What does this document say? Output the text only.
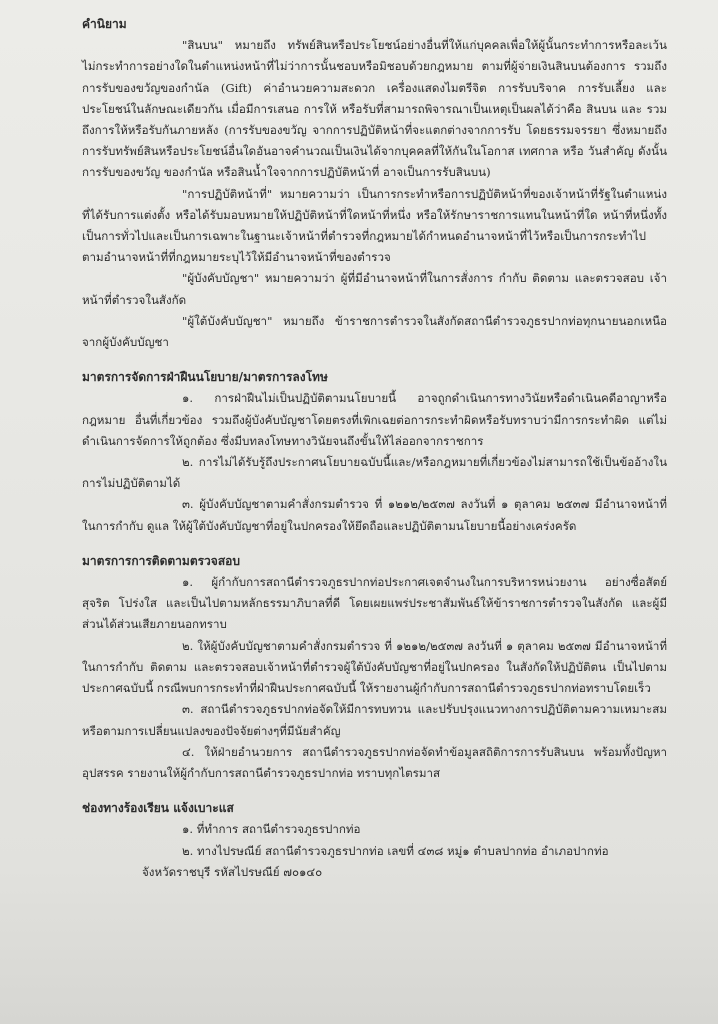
คำนิยาม

"สินบน" หมายถึง ทรัพย์สินหรือประโยชน์อย่างอื่นที่ให้แก่บุคคลเพื่อให้ผู้นั้นกระทำการหรือละเว้น ไม่กระทำการอย่างใดในตำแหน่งหน้าที่ไม่ว่าการนั้นชอบหรือมิชอบด้วยกฎหมาย ตามที่ผู้จ่ายเงินสินบนต้องการ รวมถึงการรับของขวัญของกำนัล (Gift) ค่าอำนวยความสะดวก เครื่องแสดงไมตรีจิต การรับบริจาค การรับเลี้ยง และ ประโยชน์ในลักษณะเดียวกัน เมื่อมีการเสนอ การให้ หรือรับที่สามารถพิจารณาเป็นเหตุเป็นผลได้ว่าคือ สินบน และ รวมถึงการให้หรือรับกันภายหลัง (การรับของขวัญ จากการปฏิบัติหน้าที่จะแตกต่างจากการรับ โดยธรรมจรรยา ซึ่งหมายถึงการรับทรัพย์สินหรือประโยชน์อื่นใดอันอาจคำนวณเป็นเงินได้จากบุคคลที่ให้กันในโอกาส เทศกาล หรือ วันสำคัญ ดังนั้น การรับของขวัญ ของกำนัล หรือสินน้ำใจจากการปฏิบัติหน้าที่ อาจเป็นการรับสินบน)

"การปฏิบัติหน้าที่" หมายความว่า เป็นการกระทำหรือการปฏิบัติหน้าที่ของเจ้าหน้าที่รัฐในตำแหน่ง ที่ได้รับการแต่งตั้ง หรือได้รับมอบหมายให้ปฏิบัติหน้าที่ใดหน้าที่หนึ่ง หรือให้รักษาราชการแทนในหน้าที่ใด หน้าที่หนึ่งทั้งเป็นการทั่วไปและเป็นการเฉพาะในฐานะเจ้าหน้าที่ตำรวจที่กฎหมายได้กำหนดอำนาจหน้าที่ไว้หรือเป็นการกระทำไปตามอำนาจหน้าที่ที่กฎหมายระบุไว้ให้มีอำนาจหน้าที่ของตำรวจ

"ผู้บังคับบัญชา" หมายความว่า ผู้ที่มีอำนาจหน้าที่ในการสั่งการ กำกับ ติดตาม และตรวจสอบ เจ้าหน้าที่ตำรวจในสังกัด

"ผู้ใต้บังคับบัญชา" หมายถึง ข้าราชการตำรวจในสังกัดสถานีตำรวจภูธรปากท่อทุกนายนอกเหนือจากผู้บังคับบัญชา

มาตรการจัดการฝ่าฝืนนโยบาย/มาตรการลงโทษ

๑. การฝ่าฝืนไม่เป็นปฏิบัติตามนโยบายนี้ อาจถูกดำเนินการทางวินัยหรือดำเนินคดีอาญาหรือกฎหมาย อื่นที่เกี่ยวข้อง รวมถึงผู้บังคับบัญชาโดยตรงที่เพิกเฉยต่อการกระทำผิดหรือรับทราบว่ามีการกระทำผิด แต่ไม่ดำเนินการจัดการให้ถูกต้อง ซึ่งมีบทลงโทษทางวินัยจนถึงขั้นให้ไล่ออกจากราชการ

๒. การไม่ได้รับรู้ถึงประกาศนโยบายฉบับนี้และ/หรือกฎหมายที่เกี่ยวข้องไม่สามารถใช้เป็นข้ออ้างในการไม่ปฏิบัติตามได้

๓. ผู้บังคับบัญชาตามคำสั่งกรมตำรวจ ที่ ๑๒๑๒/๒๕๓๗ ลงวันที่ ๑ ตุลาคม ๒๕๓๗ มีอำนาจหน้าที่ ในการกำกับ ดูแล ให้ผู้ใต้บังคับบัญชาที่อยู่ในปกครองให้ยึดถือและปฏิบัติตามนโยบายนี้อย่างเคร่งครัด

มาตรการการติดตามตรวจสอบ

๑. ผู้กำกับการสถานีตำรวจภูธรปากท่อประกาศเจตจำนงในการบริหารหน่วยงาน อย่างซื่อสัตย์ สุจริต โปร่งใส และเป็นไปตามหลักธรรมาภิบาลที่ดี โดยเผยแพร่ประชาสัมพันธ์ให้ข้าราชการตำรวจในสังกัด และผู้มีส่วนได้ส่วนเสียภายนอกทราบ

๒. ให้ผู้บังคับบัญชาตามคำสั่งกรมตำรวจ ที่ ๑๒๑๒/๒๕๓๗ ลงวันที่ ๑ ตุลาคม ๒๕๓๗ มีอำนาจหน้าที่ ในการกำกับ ติดตาม และตรวจสอบเจ้าหน้าที่ตำรวจผู้ใต้บังคับบัญชาที่อยู่ในปกครอง ในสังกัดให้ปฏิบัติตน เป็นไปตามประกาศฉบับนี้ กรณีพบการกระทำที่ฝ่าฝืนประกาศฉบับนี้ ให้รายงานผู้กำกับการสถานีตำรวจภูธรปากท่อทราบโดยเร็ว

๓. สถานีตำรวจภูธรปากท่อจัดให้มีการทบทวน และปรับปรุงแนวทางการปฏิบัติตามความเหมาะสมหรือตามการเปลี่ยนแปลงของปัจจัยต่างๆที่มีนัยสำคัญ

๔. ให้ฝ่ายอำนวยการ สถานีตำรวจภูธรปากท่อจัดทำข้อมูลสถิติการการรับสินบน พร้อมทั้งปัญหา อุปสรรค รายงานให้ผู้กำกับการสถานีตำรวจภูธรปากท่อ ทราบทุกไตรมาส

ช่องทางร้องเรียน แจ้งเบาะแส

๑. ที่ทำการ สถานีตำรวจภูธรปากท่อ

๒. ทางไปรษณีย์ สถานีตำรวจภูธรปากท่อ เลขที่ ๔๓๘ หมู่๑ ตำบลปากท่อ อำเภอปากท่อ

จังหวัดราชบุรี รหัสไปรษณีย์ ๗๐๑๔๐
